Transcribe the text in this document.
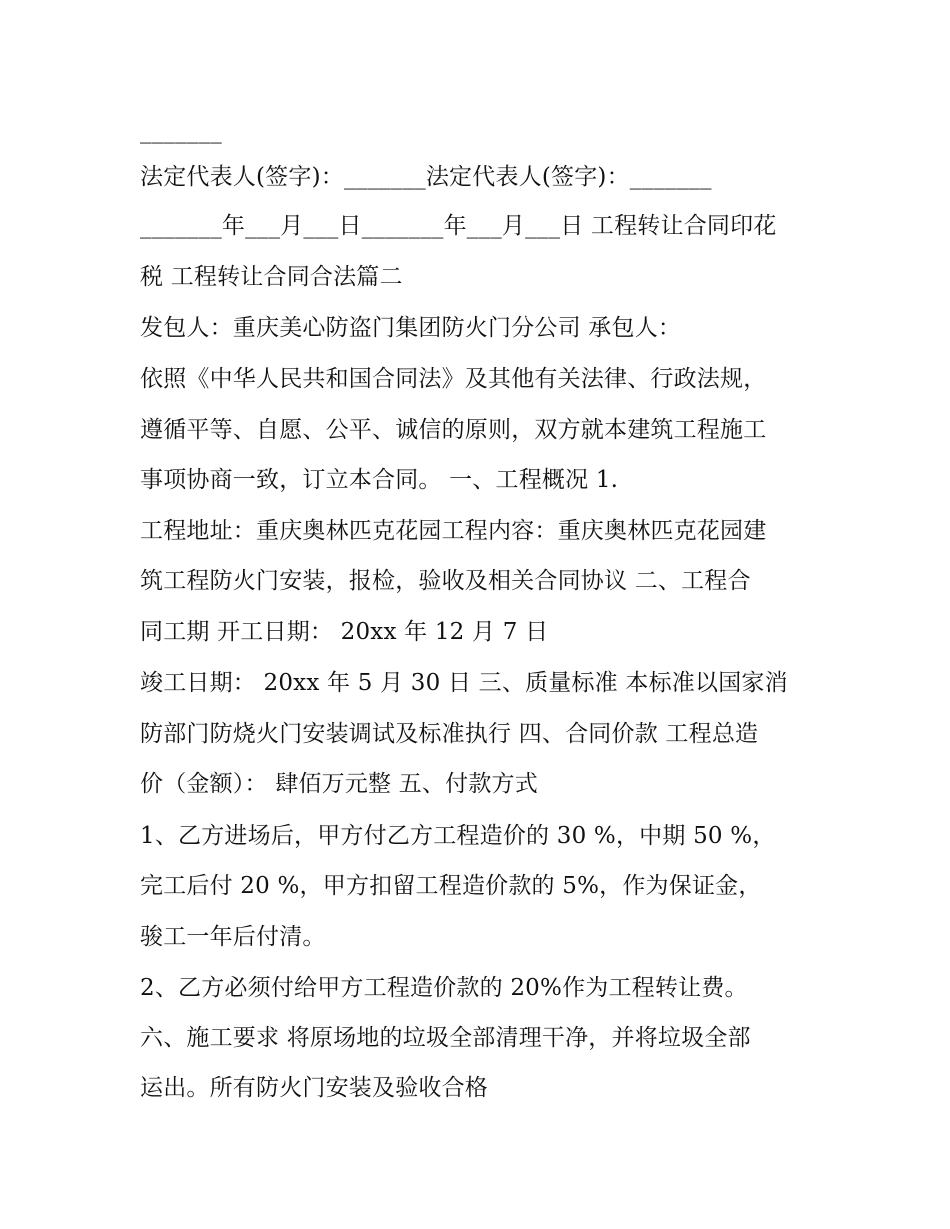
_______
法定代表人(签字)：_______法定代表人(签字)：_______
_______年___月___日_______年___月___日 工程转让合同印花
税 工程转让合同合法篇二
发包人：重庆美心防盗门集团防火门分公司 承包人：
依照《中华人民共和国合同法》及其他有关法律、行政法规，
遵循平等、自愿、公平、诚信的原则，双方就本建筑工程施工
事项协商一致，订立本合同。 一、工程概况 1.
工程地址：重庆奥林匹克花园工程内容：重庆奥林匹克花园建
筑工程防火门安装，报检，验收及相关合同协议 二、工程合
同工期 开工日期： 20xx 年 12 月 7 日
竣工日期： 20xx 年 5 月 30 日 三、质量标准 本标准以国家消
防部门防烧火门安装调试及标准执行 四、合同价款 工程总造
价（金额）： 肆佰万元整 五、付款方式
1、乙方进场后，甲方付乙方工程造价的 30 %，中期 50 %，
完工后付 20 %，甲方扣留工程造价款的 5%，作为保证金，
骏工一年后付清。
2、乙方必须付给甲方工程造价款的 20%作为工程转让费。
六、施工要求 将原场地的垃圾全部清理干净，并将垃圾全部
运出。所有防火门安装及验收合格
